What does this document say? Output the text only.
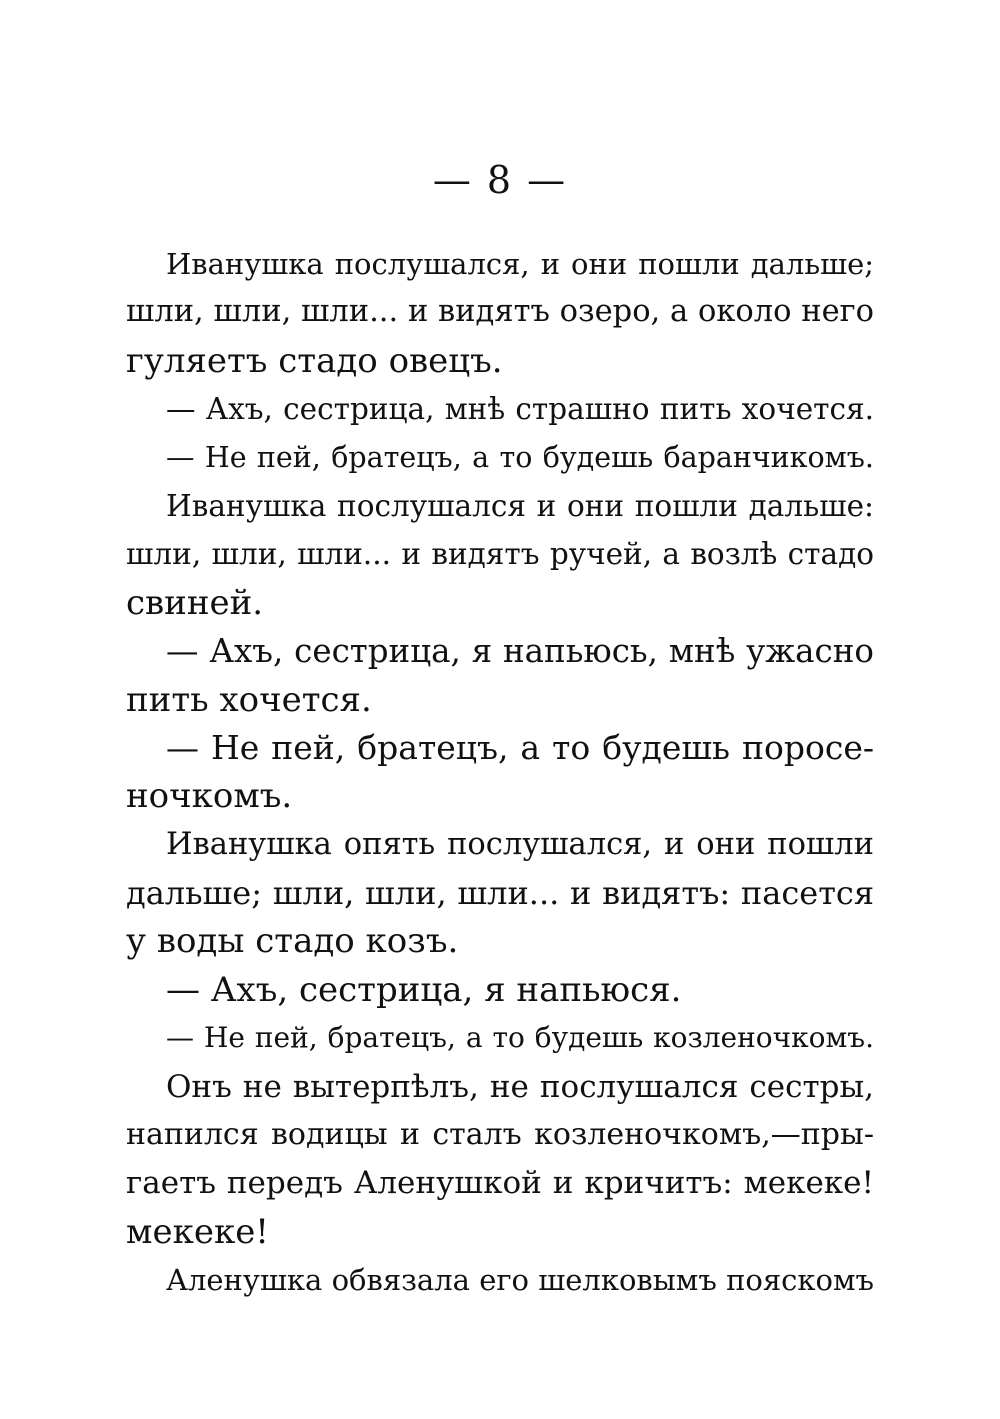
— 8 —
Иванушка послушался, и они пошли дальше;
шли, шли, шли... и видятъ озеро, а около него
гуляетъ стадо овецъ.
— Ахъ, сестрица, мнѣ страшно пить хочется.
— Не пей, братецъ, а то будешь баранчикомъ.
Иванушка послушался и они пошли дальше:
шли, шли, шли... и видятъ ручей, а возлѣ стадо
свиней.
— Ахъ, сестрица, я напьюсь, мнѣ ужасно
пить хочется.
— Не пей, братецъ, а то будешь поросе-
ночкомъ.
Иванушка опять послушался, и они пошли
дальше; шли, шли, шли... и видятъ: пасется
у воды стадо козъ.
— Ахъ, сестрица, я напьюся.
— Не пей, братецъ, а то будешь козленочкомъ.
Онъ не вытерпѣлъ, не послушался сестры,
напился водицы и сталъ козленочкомъ,—пры-
гаетъ передъ Аленушкой и кричитъ: мекеке!
мекеке!
Аленушка обвязала его шелковымъ пояскомъ
